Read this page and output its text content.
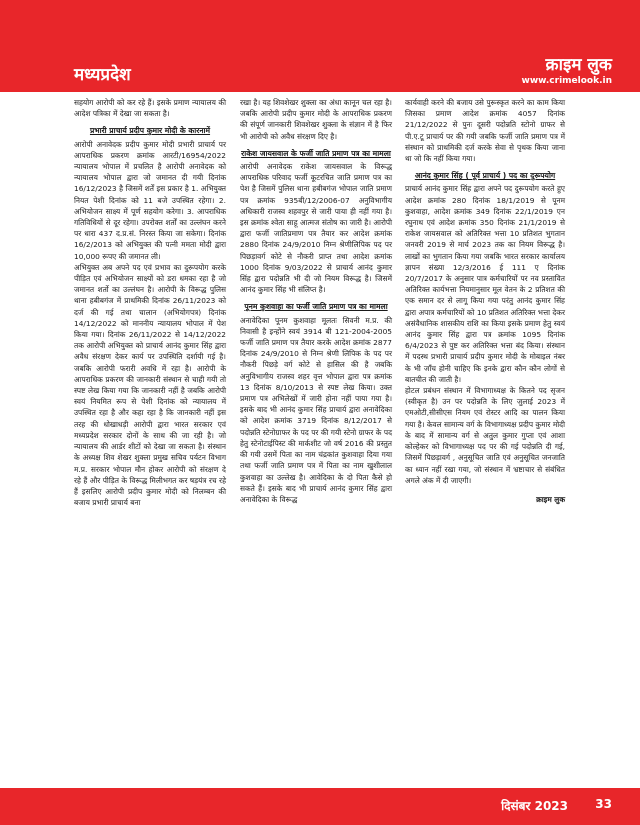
मध्यप्रदेश	क्राइम लुक
www.crimelook.in

सहयोग आरोपी को कर रहे हैं। इसके प्रमाण न्यायालय की आदेश पत्रिका में देखा जा सकता है।

प्रभारी प्राचार्य प्रदीप कुमार मोदी के कारनामें

आरोपी अनावेदक प्रदीप कुमार मोदी प्रभारी प्राचार्य पर आपराधिक प्रकरण क्रमांक आरटी/16954/2022 न्यायालय भोपाल में प्रचलित है आरोपी अनावेदक को न्यायालय भोपाल द्वारा जो जमानत दी गयी दिनांक 16/12/2023 है जिसमें शर्तें इस प्रकार है 1. अभियुक्त नियत पेशी दिनांक को 11 बजे उपस्थित रहेगा। 2. अभियोजन साक्ष्य में पूर्ण सहयोग करेगा। 3. आपराधिक गतिविधियों से दूर रहेगा। उपरोक्त शर्तों का उल्लंघन करने पर धारा 437 द.प्र.सं. निरस्त किया जा सकेगा। दिनांक 16/2/2013 को अभियुक्त की पत्नी ममता मोदी द्वारा 10,000 रूपए की जमानत ली।

अभियुक्त अब अपने पद एवं प्रभाव का दुरूपयोग करके पीड़ित एवं अभियोजन साक्ष्यों को डरा धमका रहा है जो जमानत शर्तो का उल्लंघन है। आरोपी के विरूद्ध पुलिस थाना हबीबगंज में प्राथमिकी दिनांक 26/11/2023 को दर्ज की गई तथा चालान (अभियोगपत्र) दिनांक 14/12/2022 को माननीय न्यायालय भोपाल में पेश किया गया। दिनांक 26/11/2022 से 14/12/2022 तक आरोपी अभियुक्त को प्राचार्य आनंद कुमार सिंह द्वारा अवैध संरक्षण देकर कार्य पर उपस्थिति दर्शायी गई है। जबकि आरोपी फरारी अवधि में रहा है। आरोपी के आपराधिक प्रकरण की जानकारी संस्थान से चाही गयी तो स्पष्ट लेख किया गया कि जानकारी नहीं है जबकि आरोपी स्वयं नियमित रूप से पेशी दिनांक को न्यायालय में उपस्थित रहा है और कहा रहा है कि जानकारी नहीं इस तरह की धोखाधड़ी आरोपी द्वारा भारत सरकार एवं मध्यप्रदेश सरकार दोनों के साथ की जा रही है। जो न्यायालय की आर्डर शीटों को देखा जा सकता है। संस्थान के अध्यक्ष शिव शेखर शुक्ला प्रमुख सचिव पर्यटन विभाग म.प्र. सरकार भोपाल मौन होकर आरोपी को संरक्षण दे रहे हैं और पीड़ित के विरूद्ध मिलीभगत कर षड़यंत्र रच रहे हैं इसलिए आरोपी प्रदीप कुमार मोदी को निलम्बन की बजाय प्रभारी प्राचार्य बना

रखा है। यह शिवशेखर शुक्ला का अंधा कानून चल रहा है। जबकि आरोपी प्रदीप कुमार मोदी के आपराधिक प्रकरण की संपूर्ण जानकारी शिवशेखर शुक्ला के संज्ञान में है फिर भी आरोपी को अवैध संरक्षण दिए है।

राकेश जायसवाल के फर्जी जाति प्रमाण पत्र का मामला

आरोपी अनावेदक राकेश जायसवाल के विरूद्ध आपराधिक परिवाद फर्जी कूटरचित जाति प्रमाण पत्र का पेश है जिसमें पुलिस थाना हबीबगंज भोपाल जाति प्रमाण पत्र क्रमांक 935बी/12/2006-07 अनुविभागीय अधिकारी राजस्व शहवपुर से जारी पाया ही नहीं गया है। इस क्रमांक श्वेता साहू आत्मज संतोष का जारी है। आरोपी द्वारा फर्जी जातिप्रमाण पत्र तैयार कर आदेश क्रमांक 2880 दिनांक 24/9/2010 निम्न श्रेणीलिपिक पद पर पिछड़ावर्ग कोटे से नौकरी प्राप्त तथा आदेश क्रमांक 1000 दिनांक 9/03/2022 से प्राचार्य आनंद कुमार सिंह द्वारा पदोन्नति भी दी जो नियम विरूद्ध है। जिसमें आनंद कुमार सिंह भी संलिप्त है।

पूनम कुशवाहा का फर्जी जाति प्रमाण पत्र का मामला

अनावेदिका पूनम कुशवाहा मूलतः सिवनी म.प्र. की निवासी है इन्होंने स्वयं 3914 बी 121-2004-2005 फर्जी जाति प्रमाण पत्र तैयार करके आदेश क्रमांक 2877 दिनांक 24/9/2010 से निम्न श्रेणी लिपिक के पद पर नौकरी पिछड़े वर्ग कोटे से हासिल की है जबकि अनुविभागीय राजस्व शहर वृत्त भोपाल द्वारा पत्र क्रमांक 13 दिनांक 8/10/2013 से स्पष्ट लेख किया। उक्त प्रमाण पत्र अभिलेखों में जारी होना नहीं पाया गया है। इसके बाद भी आनंद कुमार सिंह प्राचार्य द्वारा अनावेदिका को आदेश क्रमांक 3719 दिनांक 8/12/2017 से पदोन्नति स्टेनोग्राफर के पद पर की गयी स्टेनो ग्राफर के पद हेतु स्टेनोटाईपिस्ट की मार्कशीट जो वर्ष 2016 की प्रस्तुत की गयी उसमें पिता का नाम चंद्रकांत कुशवाहा दिया गया तथा फर्जी जाति प्रमाण पत्र में पिता का नाम खुशीलाल कुशवाहा का उल्लेख है। आवेदिका के दो पिता कैसे हो सकते हैं। इसके बाद भी प्राचार्य आनंद कुमार सिंह द्वारा अनावेदिका के विरूद्ध

कार्यवाही करने की बजाय उसे पुरूस्कृत करने का काम किया जिसका प्रमाण आदेश क्रमांक 4057 दिनांक 21/12/2022 से पुनः दूसरी पदोन्नति स्टोनो ग्राफर से पी.ए.टू प्राचार्य पर की गयी जबकि फर्जी जाति प्रमाण पत्र में संस्थान को प्राथमिकी दर्ज करके सेवा से पृथक किया जाना था जो कि नहीं किया गया।

आनंद कुमार सिंह ( पूर्व प्राचार्य ) पद का दुरूपयोग

प्राचार्य आनंद कुमार सिंह द्वारा अपने पद दुरूपयोग करते हुए आदेश क्रमांक 280 दिनांक 18/1/2019 से पूनम कुशवाहा, आदेश क्रमांक 349 दिनांक 22/1/2019 एन रघुनाथ एवं आदेश क्रमांक 350 दिनांक 21/1/2019 से राकेश जायसवाल को अतिरिक्त भत्ता 10 प्रतिशत भुगतान जनवरी 2019 से मार्च 2023 तक का नियम विरूद्ध है। लाखों का भुगतान किया गया जबकि भारत सरकार कार्यालय ज्ञापन संख्या 12/3/2016 ई 111 ए दिनांक 20/7/2017 के अनुसार पात्र कर्मचारियों पर नव प्रस्तावित अतिरिक्त कार्यभत्ता नियमानुसार मूल वेतन के 2 प्रतिशत की एक समान दर से लागू किया गया परंतु आनंद कुमार सिंह द्वारा अपात्र कर्मचारियों को 10 प्रतिशत अतिरिक्त भत्ता देकर असंवैधानिक शासकीय राशि का किया इसके प्रमाण हेतु स्वयं आनंद कुमार सिंह द्वारा पत्र क्रमांक 1095 दिनांक 6/4/2023 से पुष्ट कर अतिरिक्त भत्ता बंद किया। संस्थान में पदस्थ प्रभारी प्राचार्य प्रदीप कुमार मोदी के मोबाइल नंबर के भी जाँच होनी चाहिए कि इनके द्वारा कौन कौन लोगों से बातचीत की जाती है।

होटल प्रबंधन संस्थान में विभागाध्यक्ष के कितने पद सृजन (स्वीकृत है) उन पर पदोन्नति के लिए जुलाई 2023 में एमओटी,सीसीएस नियम एवं रोस्टर आदि का पालन किया गया है। केवल सामान्य वर्ग के विभागाध्यक्ष प्रदीप कुमार मोदी के बाद में सामान्य वर्ग से अतुल कुमार गुप्ता एवं आशा कोल्हेकर को विभागाध्यक्ष पद पर की गई पदोन्नति दी गई, जिसमें पिछड़ावर्ग , अनुसूचित जाति एवं अनुसूचित जनजाति का ध्यान नहीं रखा गया, जो संस्थान में भ्रष्टाचार से संबंधित अगले अंक में दी जाएगी।

क्राइम लुक
दिसंबर 2023 33
